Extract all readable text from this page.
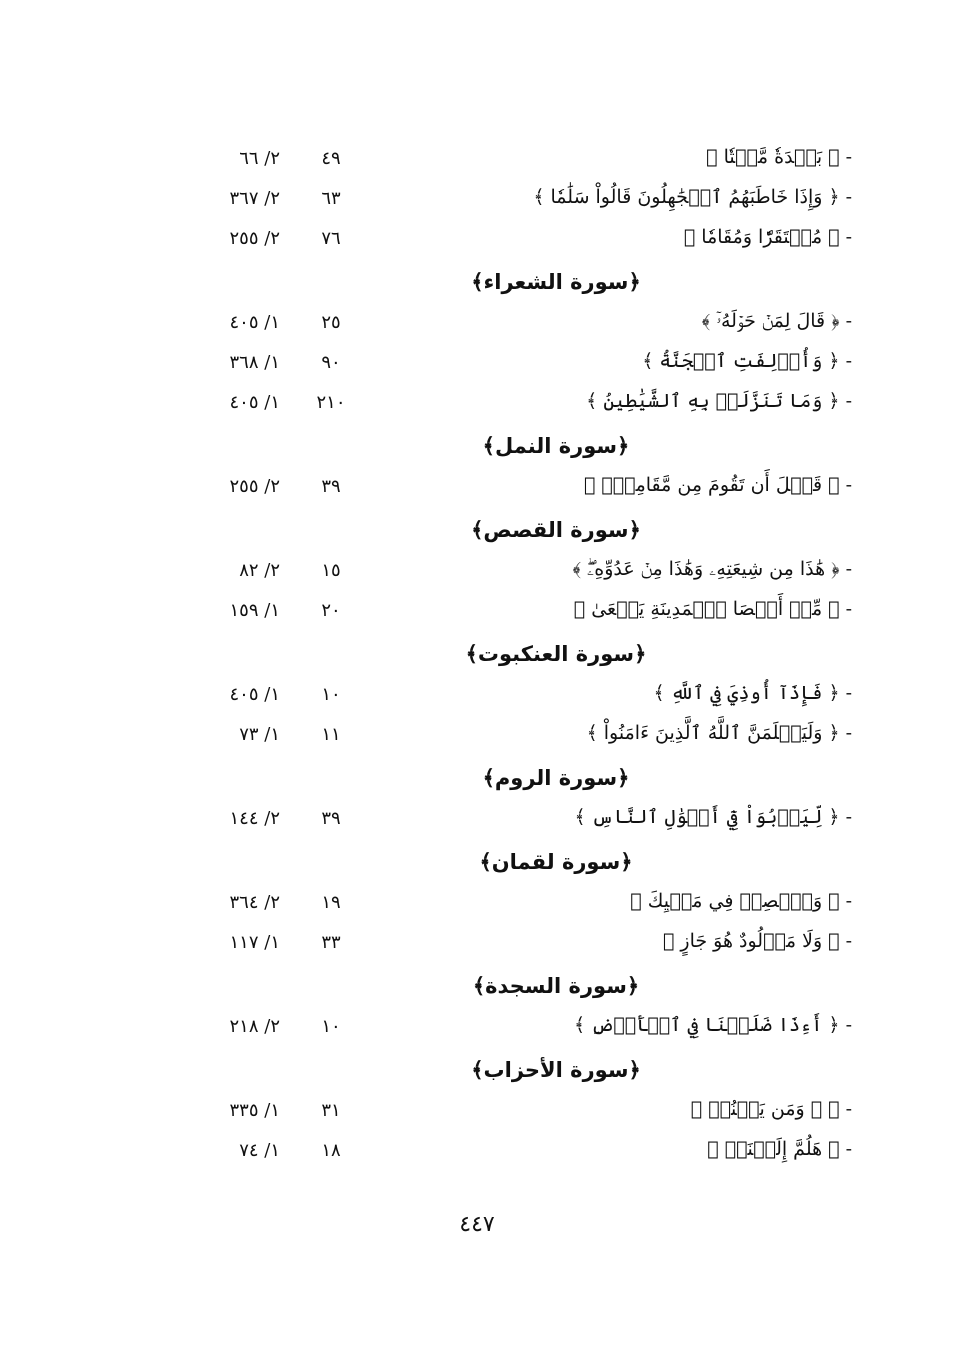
-﴿ بَلۡدَةٗ مَّيۡتٗا ﴾
٤٩
٢/ ٦٦
-﴿ وَإِذَا خَاطَبَهُمُ ٱلۡجَٰهِلُونَ قَالُواْ سَلَٰمٗا ﴾
٦٣
٢/ ٣٦٧
-﴿ مُسۡتَقَرّٗا وَمُقَامٗا ﴾
٧٦
٢/ ٢٥٥
﴿سورة الشعراء﴾
-﴿ قَالَ لِمَنۡ حَوۡلَهُۥٓ ﴾
٢٥
١/ ٤٠٥
-﴿ وَأُزۡلِفَتِ ٱلۡجَنَّةُ ﴾
٩٠
١/ ٣٦٨
-﴿ وَمَا تَنَزَّلَتۡ بِهِ ٱلشَّيَٰطِينُ ﴾
٢١٠
١/ ٤٠٥
﴿سورة النمل﴾
-﴿ قَبۡلَ أَن تَقُومَ مِن مَّقَامِكَۖ ﴾
٣٩
٢/ ٢٥٥
﴿سورة القصص﴾
-﴿ هَٰذَا مِن شِيعَتِهِۦ وَهَٰذَا مِنۡ عَدُوِّهِۦۖ ﴾
١٥
٢/ ٨٢
-﴿ مِّنۡ أَقۡصَا ٱلۡمَدِينَةِ يَسۡعَىٰ ﴾
٢٠
١/ ١٥٩
﴿سورة العنكبوت﴾
-﴿ فَإِذَآ أُوذِيَ فِي ٱللَّهِ ﴾
١٠
١/ ٤٠٥
-﴿ وَلَيَعۡلَمَنَّ ٱللَّهُ ٱلَّذِينَ ءَامَنُواْ ﴾
١١
١/ ٧٣
﴿سورة الروم﴾
-﴿ لِّيَرۡبُوَاْ فِيٓ أَمۡوَٰلِ ٱلنَّاسِ ﴾
٣٩
٢/ ١٤٤
﴿سورة لقمان﴾
-﴿ وَٱقۡصِدۡ فِي مَشۡيِكَ ﴾
١٩
٢/ ٣٦٤
-﴿ وَلَا مَوۡلُودٌ هُوَ جَازٍ ﴾
٣٣
١/ ١١٧
﴿سورة السجدة﴾
-﴿ أَءِذَا ضَلَلۡنَا فِي ٱلۡأَرۡضِ ﴾
١٠
٢/ ٢١٨
﴿سورة الأحزاب﴾
-﴿ ۞ وَمَن يَقۡنُتۡ ﴾
٣١
١/ ٣٣٥
-﴿ هَلُمَّ إِلَيۡنَاۖ ﴾
١٨
١/ ٧٤
٤٤٧
